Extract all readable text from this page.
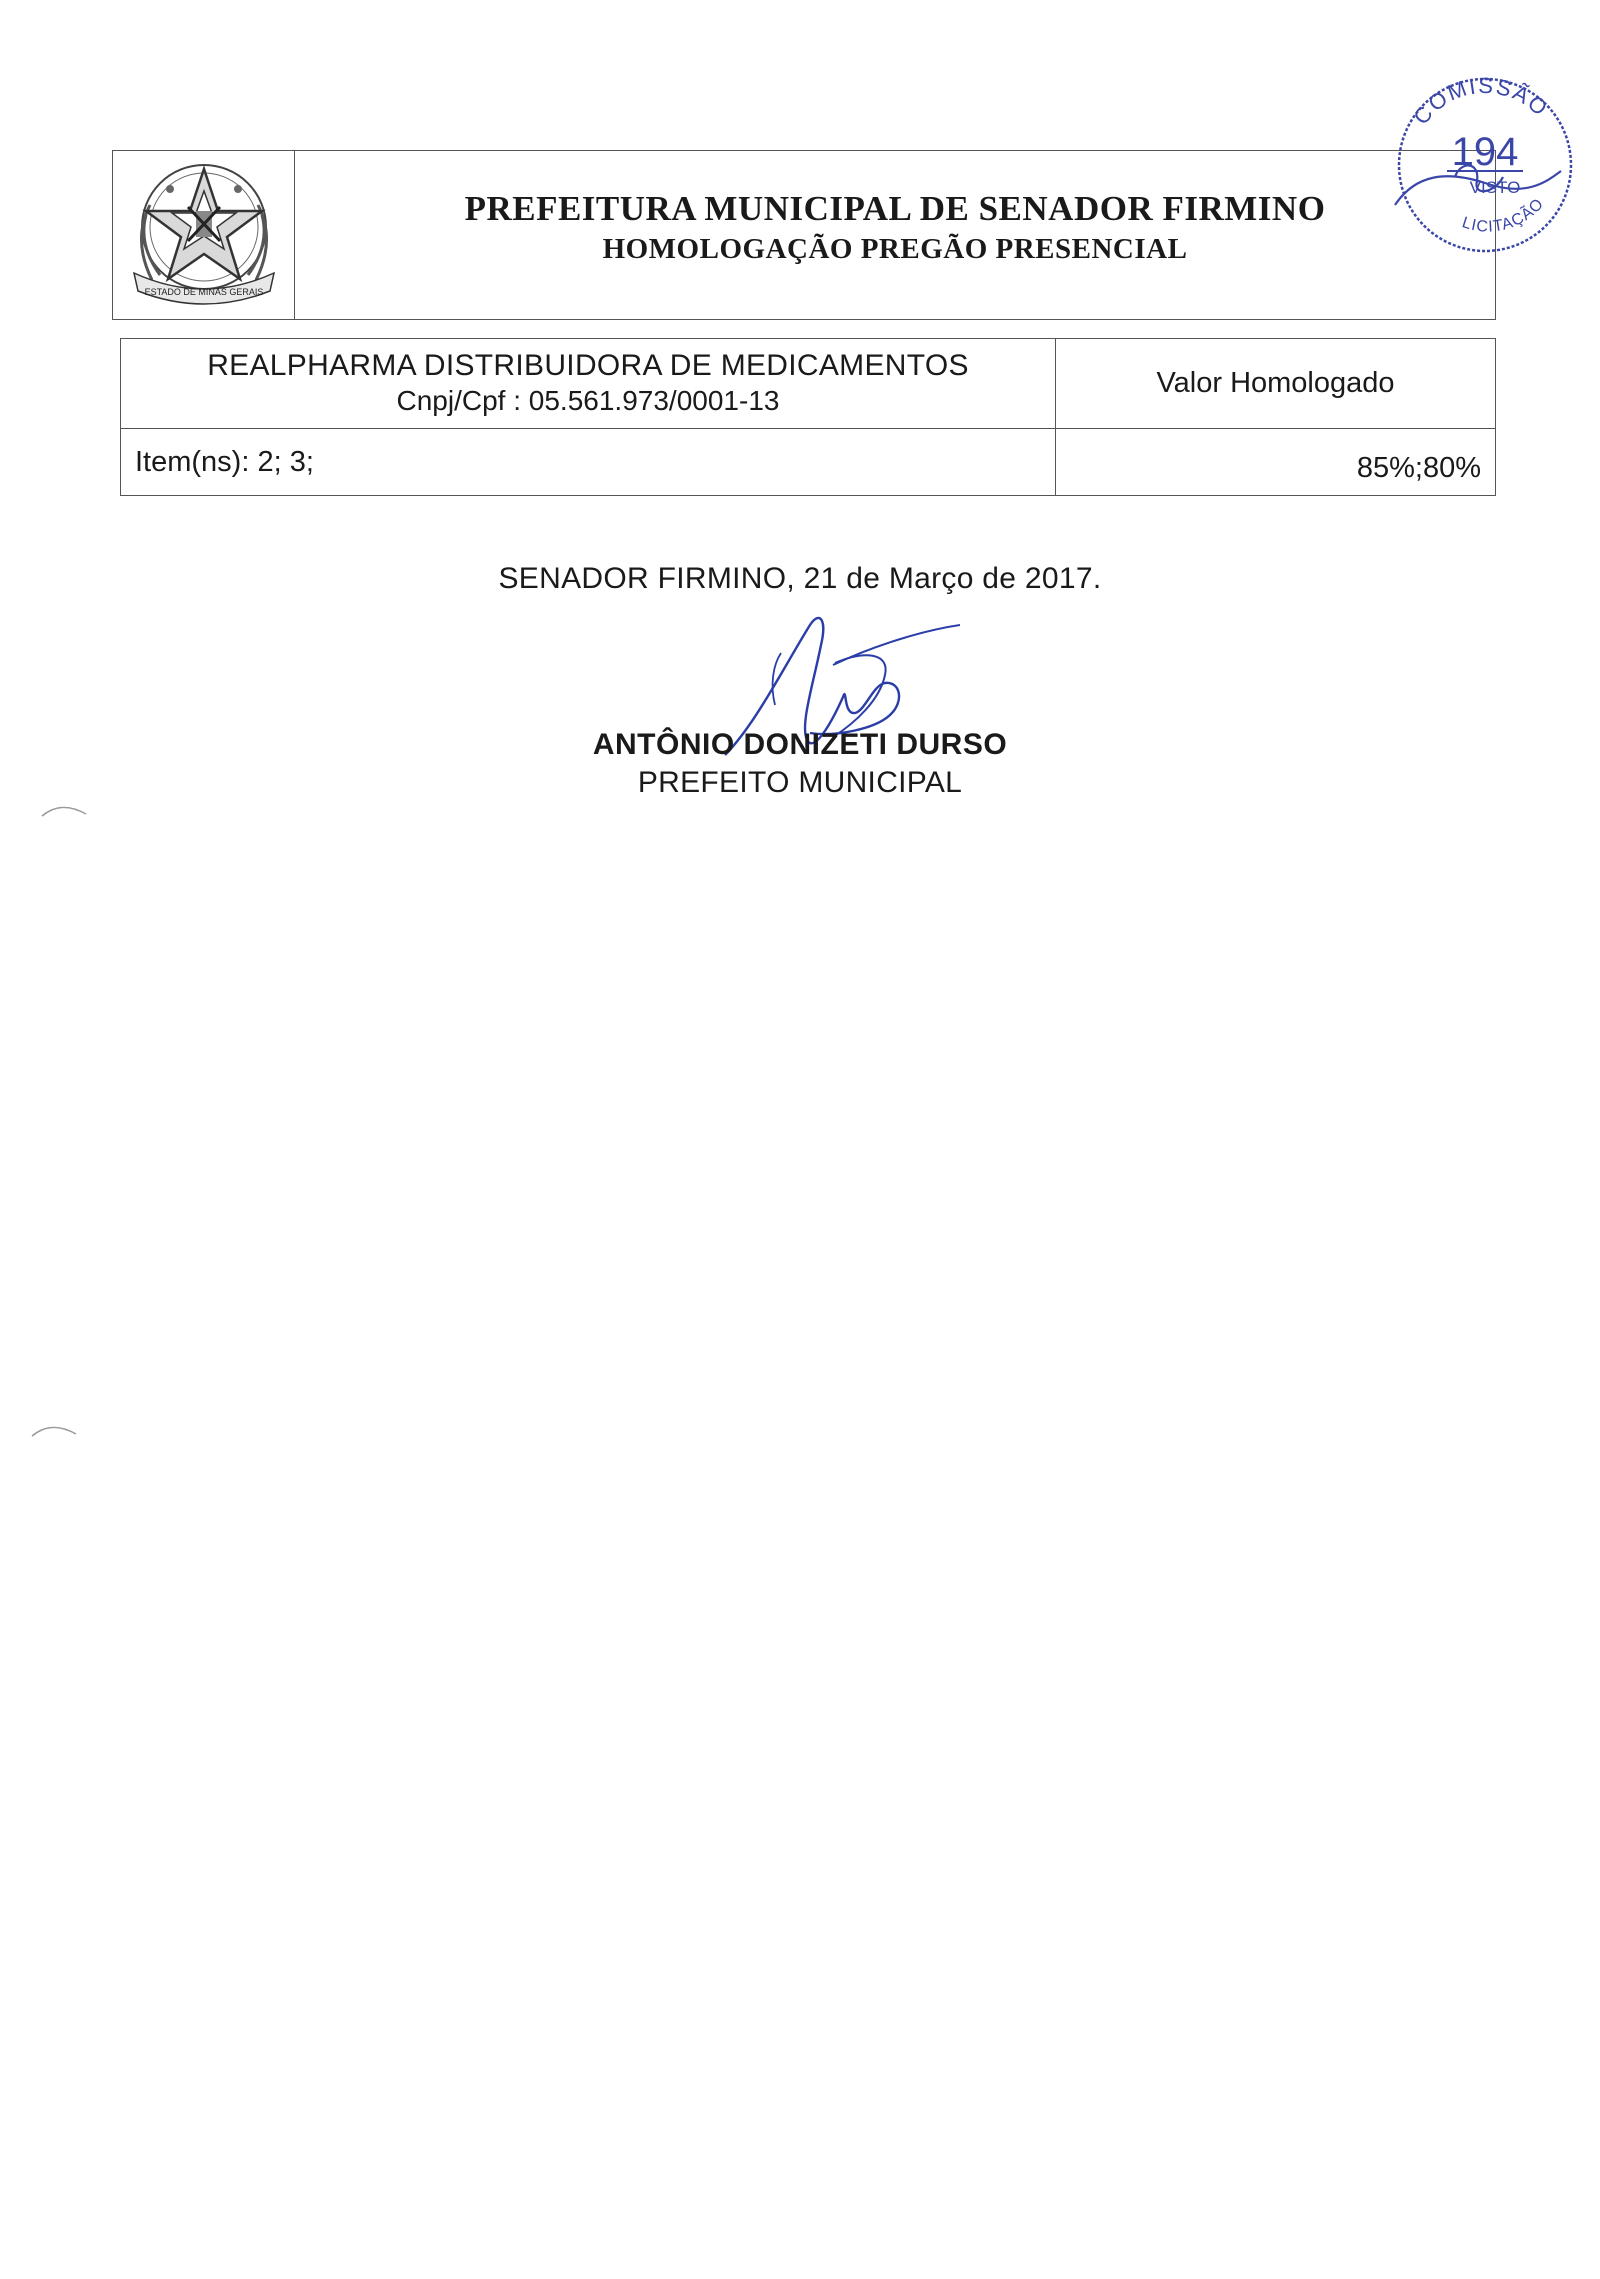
ESTADO DE MINAS GERAIS
PREFEITURA MUNICIPAL DE SENADOR FIRMINO
HOMOLOGAÇÃO PREGÃO PRESENCIAL
COMISSÃO
194
VISTO
LICITAÇÃO
REALPHARMA DISTRIBUIDORA DE MEDICAMENTOS
Cnpj/Cpf : 05.561.973/0001-13
Valor Homologado
Item(ns): 2; 3;	85%;80%
SENADOR FIRMINO, 21 de Março de 2017.
ANTÔNIO DONIZETI DURSO
PREFEITO MUNICIPAL
